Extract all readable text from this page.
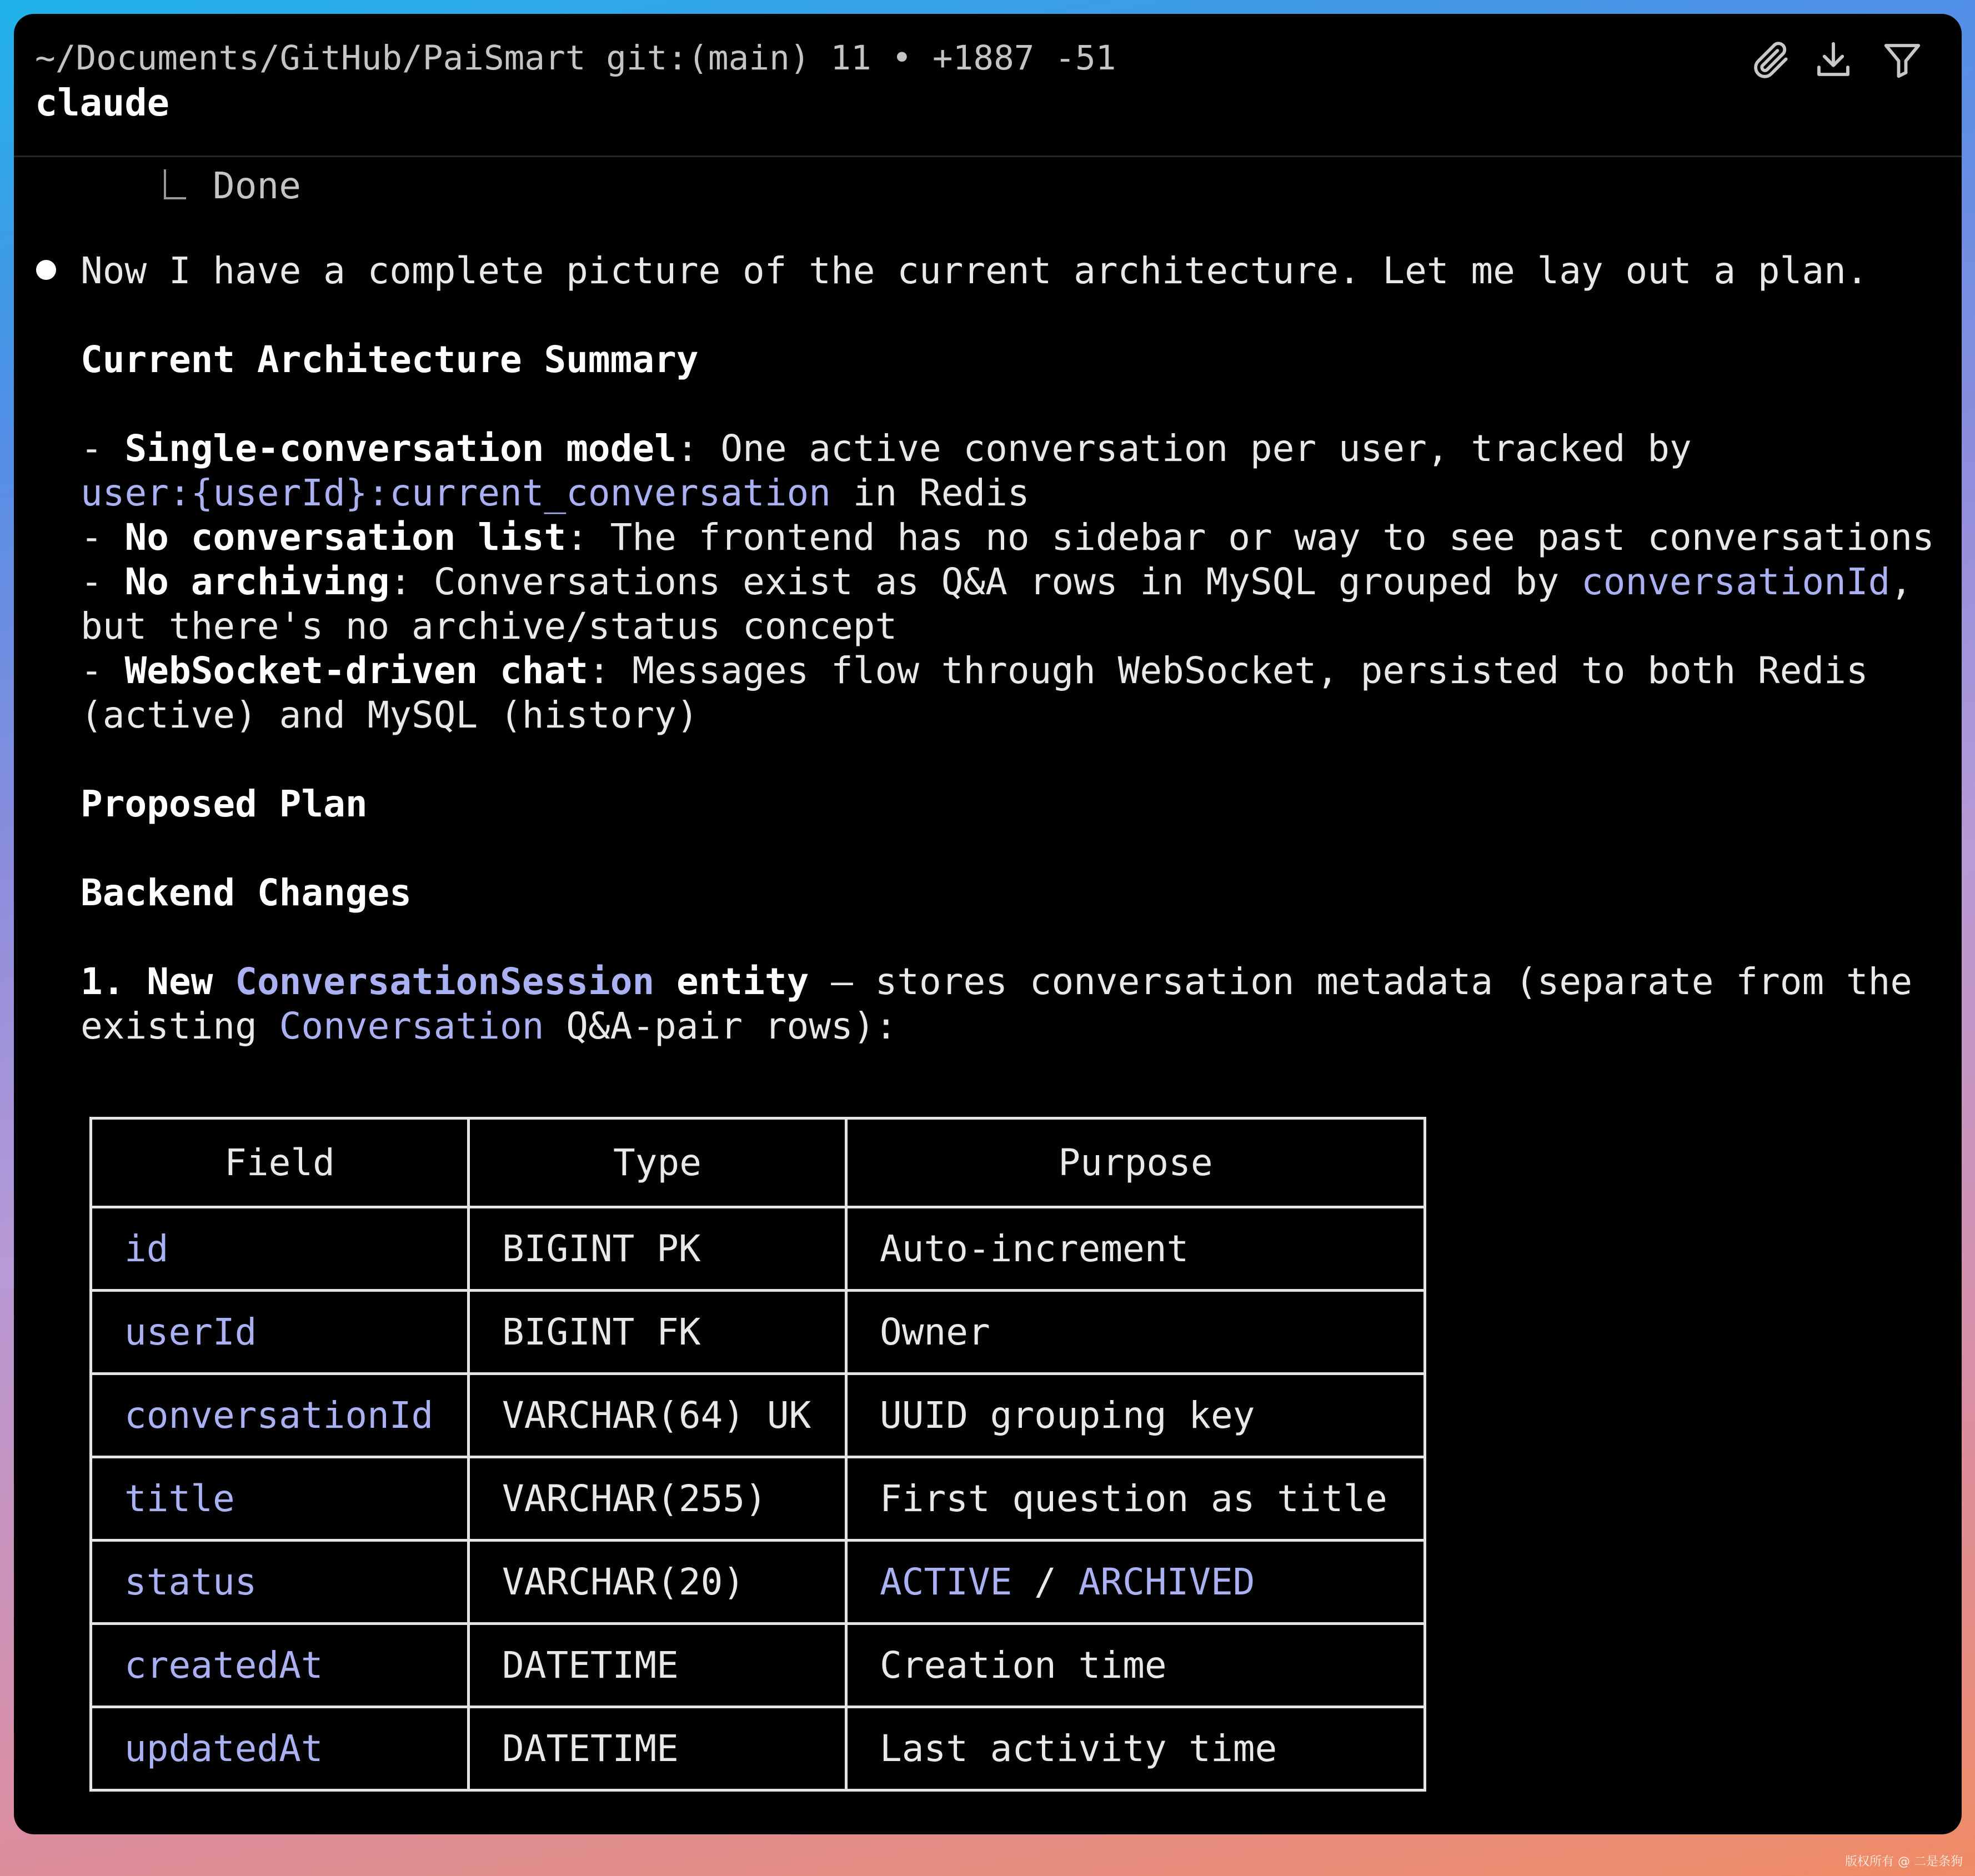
~/Documents/GitHub/PaiSmart git:(main) 11 • +1887 -51
claude
Done
Now I have a complete picture of the current architecture. Let me lay out a plan.
Current Architecture Summary
- Single-conversation model: One active conversation per user, tracked by
user:{userId}:current_conversation in Redis
- No conversation list: The frontend has no sidebar or way to see past conversations
- No archiving: Conversations exist as Q&A rows in MySQL grouped by conversationId,
but there's no archive/status concept
- WebSocket-driven chat: Messages flow through WebSocket, persisted to both Redis
(active) and MySQL (history)
Proposed Plan
Backend Changes
1. New ConversationSession entity — stores conversation metadata (separate from the
existing Conversation Q&A-pair rows):
Field	Type	Purpose
id	BIGINT PK	Auto-increment
userId	BIGINT FK	Owner
conversationId	VARCHAR(64) UK	UUID grouping key
title	VARCHAR(255)	First question as title
status	VARCHAR(20)	ACTIVE / ARCHIVED
createdAt	DATETIME	Creation time
updatedAt	DATETIME	Last activity time
版权所有 @ 二是条狗
